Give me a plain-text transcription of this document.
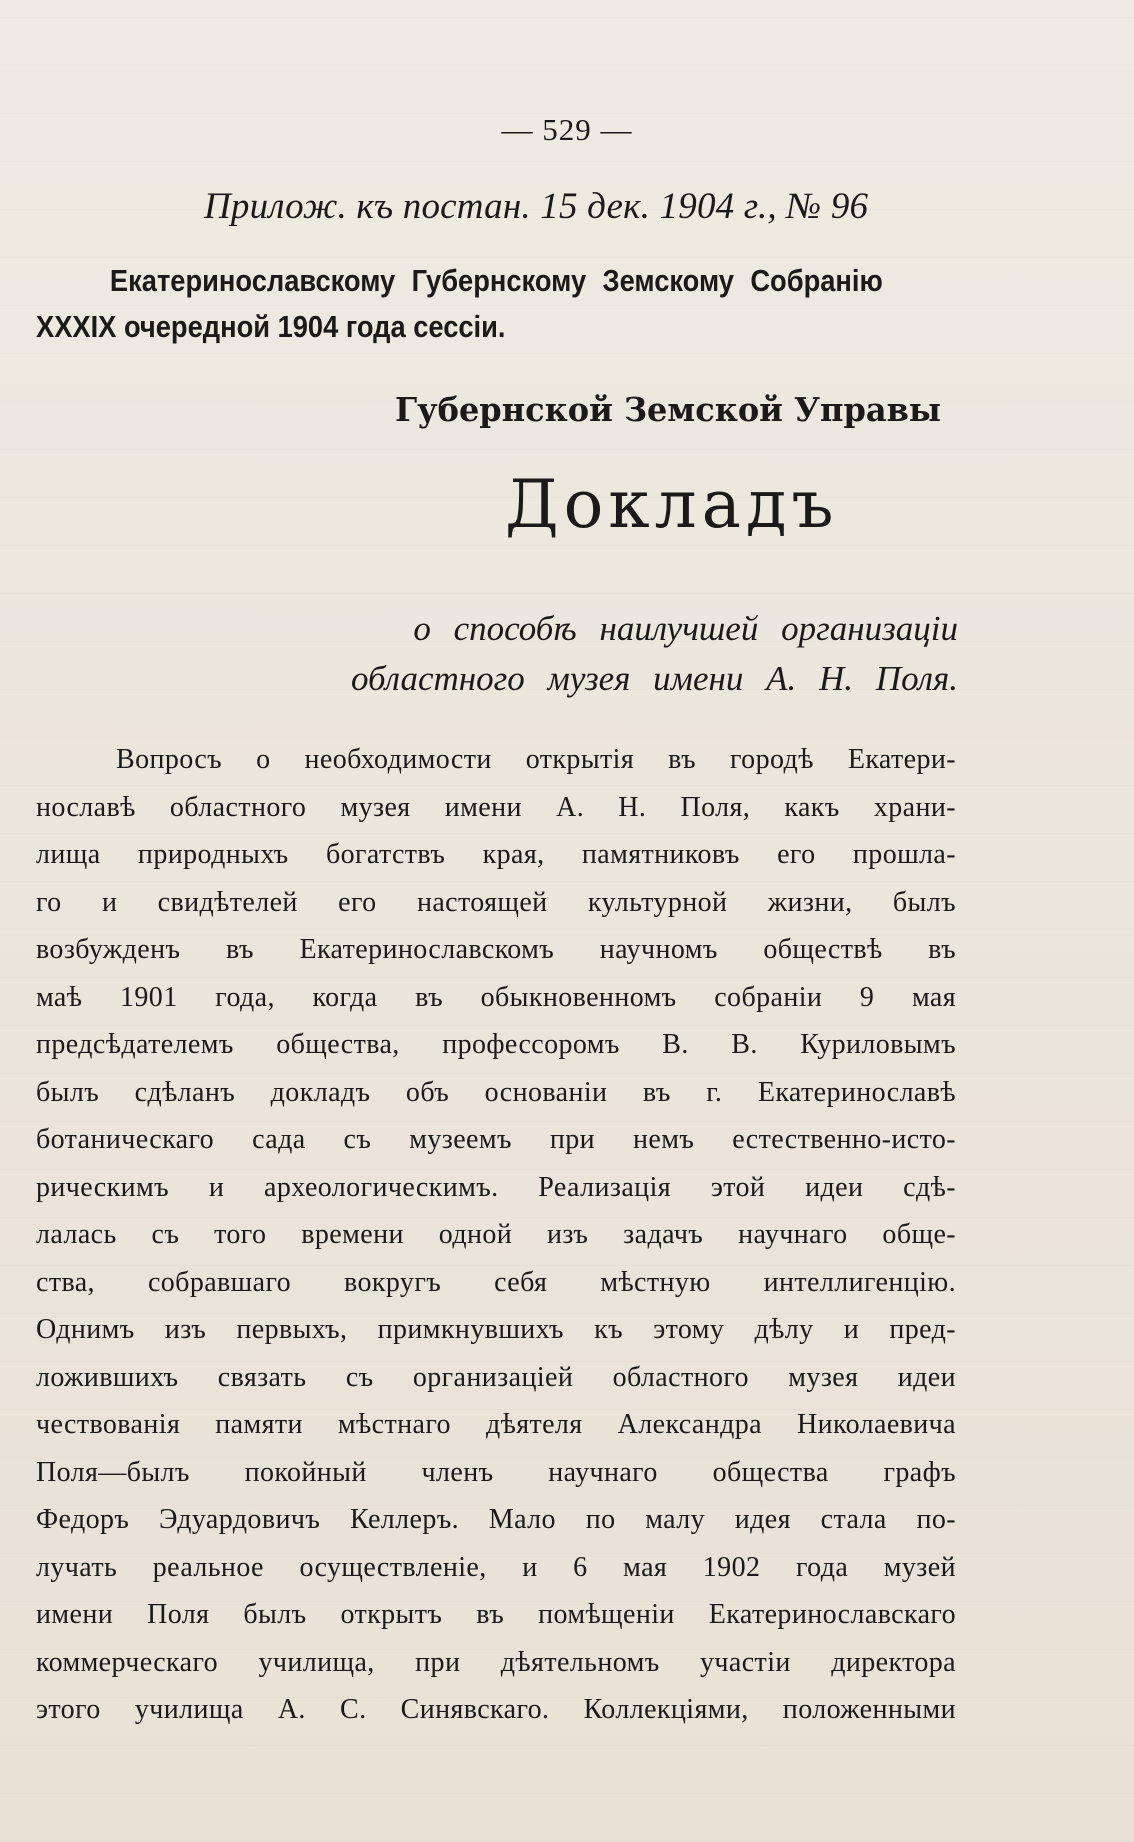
— 529 —
Прилож. къ постан. 15 дек. 1904 г., № 96
Екатеринославскому Губернскому Земскому Собранію
XXXIX очередной 1904 года сессіи.
Губернской Земской Управы
Докладъ
о способѣ наилучшей организаціи
областного музея имени А. Н. Поля.
Вопросъ о необходимости открытія въ городѣ Екатери-
нославѣ областного музея имени А. Н. Поля, какъ храни-
лища природныхъ богатствъ края, памятниковъ его прошла-
го и свидѣтелей его настоящей культурной жизни, былъ
возбужденъ въ Екатеринославскомъ научномъ обществѣ въ
маѣ 1901 года, когда въ обыкновенномъ собраніи 9 мая
предсѣдателемъ общества, профессоромъ В. В. Куриловымъ
былъ сдѣланъ докладъ объ основаніи въ г. Екатеринославѣ
ботаническаго сада съ музеемъ при немъ естественно-исто-
рическимъ и археологическимъ. Реализація этой идеи сдѣ-
лалась съ того времени одной изъ задачъ научнаго обще-
ства, собравшаго вокругъ себя мѣстную интеллигенцію.
Однимъ изъ первыхъ, примкнувшихъ къ этому дѣлу и пред-
ложившихъ связать съ организаціей областного музея идеи
чествованія памяти мѣстнаго дѣятеля Александра Николаевича
Поля—былъ покойный членъ научнаго общества графъ
Федоръ Эдуардовичъ Келлеръ. Мало по малу идея стала по-
лучать реальное осуществленіе, и 6 мая 1902 года музей
имени Поля былъ открытъ въ помѣщеніи Екатеринославскаго
коммерческаго училища, при дѣятельномъ участіи директора
этого училища А. С. Синявскаго. Коллекціями, положенными
